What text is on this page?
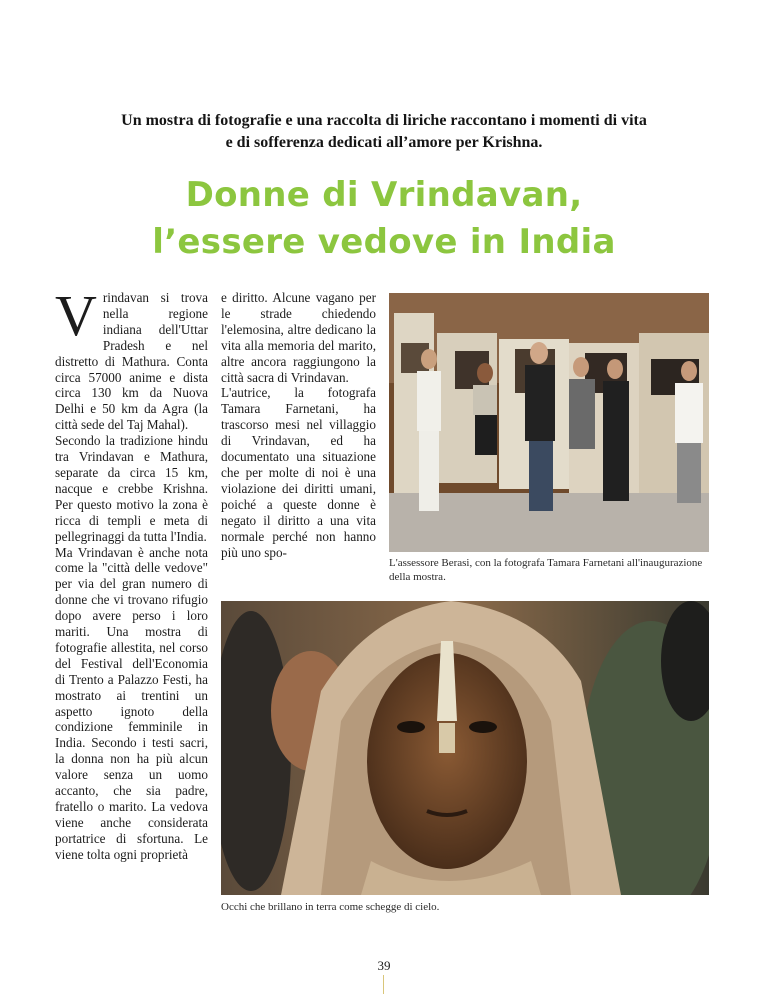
Un mostra di fotografie e una raccolta di liriche raccontano i momenti di vita
e di sofferenza dedicati all’amore per Krishna.
Donne di Vrindavan,
l’essere vedove in India
V rindavan si trova nella regione indiana dell'Uttar Pradesh e nel distretto di Mathura. Conta circa 57000 anime e dista circa 130 km da Nuova Delhi e 50 km da Agra (la città sede del Taj Mahal).

Secondo la tradizione hindu tra Vrindavan e Mathura, separate da circa 15 km, nacque e crebbe Krishna. Per questo motivo la zona è ricca di templi e meta di pellegrinaggi da tutta l'India.

Ma Vrindavan è anche nota come la "città delle vedove" per via del gran numero di donne che vi trovano rifugio dopo avere perso i loro mariti. Una mostra di fotografie allestita, nel corso del Festival dell'Economia di Trento a Palazzo Festi, ha mostrato ai trentini un aspetto ignoto della condizione femminile in India. Secondo i testi sacri, la donna non ha più alcun valore senza un uomo accanto, che sia padre, fratello o marito. La vedova viene anche considerata portatrice di sfortuna. Le viene tolta ogni proprietà

e diritto. Alcune vagano per le strade chiedendo l'elemosina, altre dedicano la vita alla memoria del marito, altre ancora raggiungono la città sacra di Vrindavan.

L'autrice, la fotografa Tamara Farnetani, ha trascorso mesi nel villaggio di Vrindavan, ed ha documentato una situazione che per molte di noi è una violazione dei diritti umani, poiché a queste donne è negato il diritto a una vita normale perché non hanno più uno spo-

L'assessore Berasi, con la fotografa Tamara Farnetani all'inaugurazione della mostra.
Occhi che brillano in terra come schegge di cielo.
39
